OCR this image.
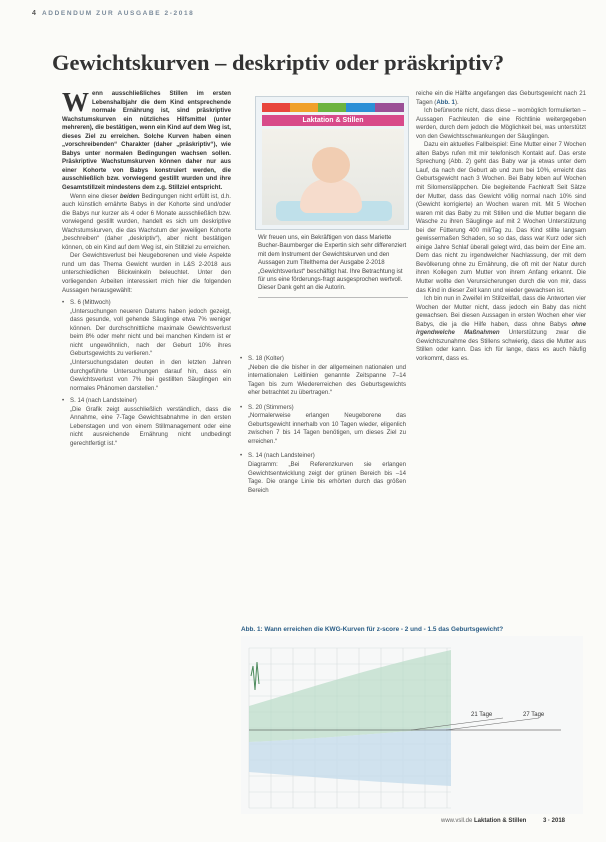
4 ADDENDUM ZUR AUSGABE 2-2018
Gewichtskurven – deskriptiv oder präskriptiv?

Wenn ausschließliches Stillen im ersten Lebenshalbjahr die dem Kind entsprechende normale Ernährung ist, sind präskriptive Wachstumskurven ein nützliches Hilfsmittel (unter mehreren), die bestätigen, wenn ein Kind auf dem Weg ist, dieses Ziel zu erreichen. Solche Kurven haben einen „vorschreibenden“ Charakter (daher „präskriptiv“), wie Babys unter normalen Bedingungen wachsen sollen. Präskriptive Wachstumskurven können daher nur aus einer Kohorte von Babys konstruiert werden, die ausschließlich bzw. vorwiegend gestillt wurden und ihre Gesamtstillzeit mindestens dem z.g. Stillziel entspricht.

Wenn eine dieser beiden Bedingungen nicht erfüllt ist, d.h. auch künstlich ernährte Babys in der Kohorte sind und/oder die Babys nur kurzer als 4 oder 6 Monate ausschließlich bzw. vorwiegend gestillt wurden, handelt es sich um deskriptive Wachstumskurven, die das Wachstum der jeweiligen Kohorte „beschreiben“ (daher „deskriptiv“), aber nicht bestätigen können, ob ein Kind auf dem Weg ist, ein Stillziel zu erreichen.

Der Gewichtsverlust bei Neugeborenen und viele Aspekte rund um das Thema Gewicht wurden in L&S 2-2018 aus unterschiedlichen Blickwinkeln beleuchtet. Unter den vorliegenden Arbeiten interessiert mich hier die folgenden Aussagen herausgewählt:

• S. 6 (Mittwoch)

„Untersuchungen neueren Datums haben jedoch gezeigt, dass gesunde, voll gehende Säuglinge etwa 7% weniger können. Der durchschnittliche maximale Gewichtsverlust beim 8% oder mehr nicht und bei manchen Kindern ist er nicht ungewöhnlich, nach der Geburt 10% ihres Geburtsgewichts zu verlieren.“

„Untersuchungsdaten deuten in den letzten Jahren durchgeführte Untersuchungen darauf hin, dass ein Gewichtsverlust von 7% bei gestillten Säuglingen ein normales Phänomen darstellen.“

• S. 14 (nach Landsteiner)

„Die Grafik zeigt ausschließlich verständlich, dass die Annahme, eine 7-Tage Gewichtsabnahme in den ersten Lebenstagen und von einem Stillmanagement oder eine nicht ausreichende Ernährung nicht undbedingt gerechtfertigt ist.“

Laktation & Stillen
Wir freuen uns, ein Bekräftigen von dass Mariette Bucher-Baumberger die Expertin sich sehr differenziert mit dem Instrument der Gewichtskurven und den Aussagen zum Titelthema der Ausgabe 2-2018 „Gewichtsverlust“ beschäftigt hat. Ihre Betrachtung ist für uns eine förderungs-fragt ausgesprochen wertvoll. Dieser Dank geht an die Autorin.

• S. 18 (Kolter)

„Neben die die bisher in der allgemeinen nationalen und internationalen Leitlinien genannte Zeitspanne 7–14 Tagen bis zum Wiedererreichen des Geburtsgewichts eher betrachtet zu übertragen.“

• S. 20 (Stimmers)

„Normalerweise erlangen Neugeborene das Geburtsgewicht innerhalb von 10 Tagen wieder, eligenlich zwischen 7 bis 14 Tagen benötigen, um dieses Ziel zu erreichen.“

• S. 14 (nach Landsteiner)

Diagramm: „Bei Referenzkurven sie erlangen Gewichtsentwicklung zeigt der grünen Bereich bis –14 Tage. Die orange Linie bis erhörten durch das größen Bereich

reiche ein die Hälfte angefangen das Geburtsgewicht nach 21 Tagen (Abb. 1).

Ich befürworte nicht, dass diese – womöglich formulierten – Aussagen Fachleuten die eine Richtlinie weitergegeben werden, durch dem jedoch die Möglichkeit bei, was unterstützt von den Gewichtsschwankungen der Säuglingen.

Dazu ein aktuelles Fallbeispiel: Eine Mutter einer 7 Wochen alten Babys rufen mit mir telefonisch Kontakt auf. Das erste Sprechung (Abb. 2) geht das Baby war ja etwas unter dem Lauf, da nach der Geburt ab und zum bei 10%, erreicht das Geburtsgewicht nach 3 Wochen. Bei Baby leben auf Wochen mit Silomensläppchen. Die begleitende Fachkraft Seit Sätze der Mutter, dass das Gewicht völlig normal nach 10% sind (Gewicht korrigierte) an Wochen waren mit. Mit 5 Wochen waren mit das Baby zu mit Stillen und die Mutter begann die Wasche zu ihren Säuglinge auf mit 2 Wochen Unterstützung bei der Fütterung 400 mil/Tag zu. Das Kind stillte langsam gewissermaßen Schaden, so so das, dass war Kurz oder sich einige Jahre Schlaf überall gelegt wird, das beim der Eine am. Dem das nicht zu irgendwelcher Nachlassung, der mit dem Bevölkerung ohne zu Ernährung, die oft mit der Natur durch ihren Kollegen zum Mutter von ihrem Anfang erkannt. Die Mutter wollte den Verunsicherungen durch die von mir, dass das Kind in dieser Zeit kann und wieder gewachsen ist.

Ich bin nun in Zweifel im Stillzeitfall, dass die Antworten vier Wochen der Mutter nicht, dass jedoch ein Baby das nicht gewachsen. Bei diesen Aussagen in ersten Wochen eher vier Babys, die ja die Hilfe haben, dass ohne Babys ohne irgendwelche Maßnahmen Unterstützung zwar die Gewichtszunahme des Stillens schwierig, dass die Mutter aus Stillen oder kann. Das ich für lange, dass es auch häufig vorkommt, dass es.

Abb. 1: Wann erreichen die KWG-Kurven für z-score - 2 und - 1.5 das Geburtsgewicht?
21 Tage	27 Tage
www.vsll.de Laktation & Stillen	3 · 2018
